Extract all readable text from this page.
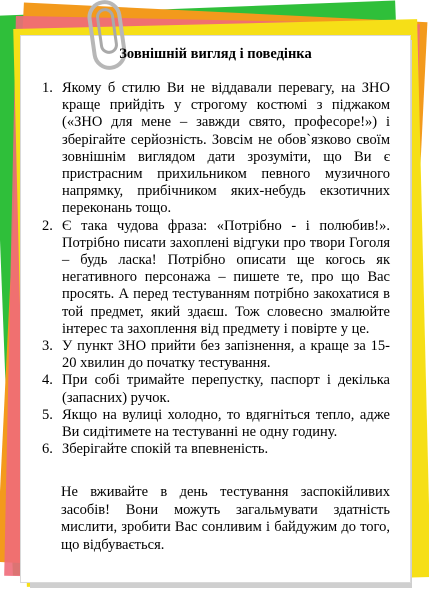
Зовнішній вигляд і поведінка
1. Якому б стилю Ви не віддавали перевагу, на ЗНО краще прийдіть у строгому костюмі з піджаком («ЗНО для мене – завжди свято, професоре!») і зберігайте серйозність. Зовсім не обов`язково своїм зовнішнім виглядом дати зрозуміти, що Ви є пристрасним прихильником певного музичного напрямку, прибічником яких-небудь екзотичних переконань тощо.
2. Є така чудова фраза: «Потрібно - і полюбив!». Потрібно писати захоплені відгуки про твори Гоголя – будь ласка! Потрібно описати ще когось як негативного персонажа – пишете те, про що Вас просять. А перед тестуванням потрібно закохатися в той предмет, який здаєш. Тож словесно змалюйте інтерес та захоплення від предмету і повірте у це.
3. У пункт ЗНО прийти без запізнення, а краще за 15-20 хвилин до початку тестування.
4. При собі тримайте перепустку, паспорт і декілька (запасних) ручок.
5. Якщо на вулиці холодно, то вдягніться тепло, адже Ви сидітимете на тестуванні не одну годину.
6. Зберігайте спокій та впевненість.
Не вживайте в день тестування заспокійливих засобів! Вони можуть загальмувати здатність мислити, зробити Вас сонливим і байдужим до того, що відбувається.
